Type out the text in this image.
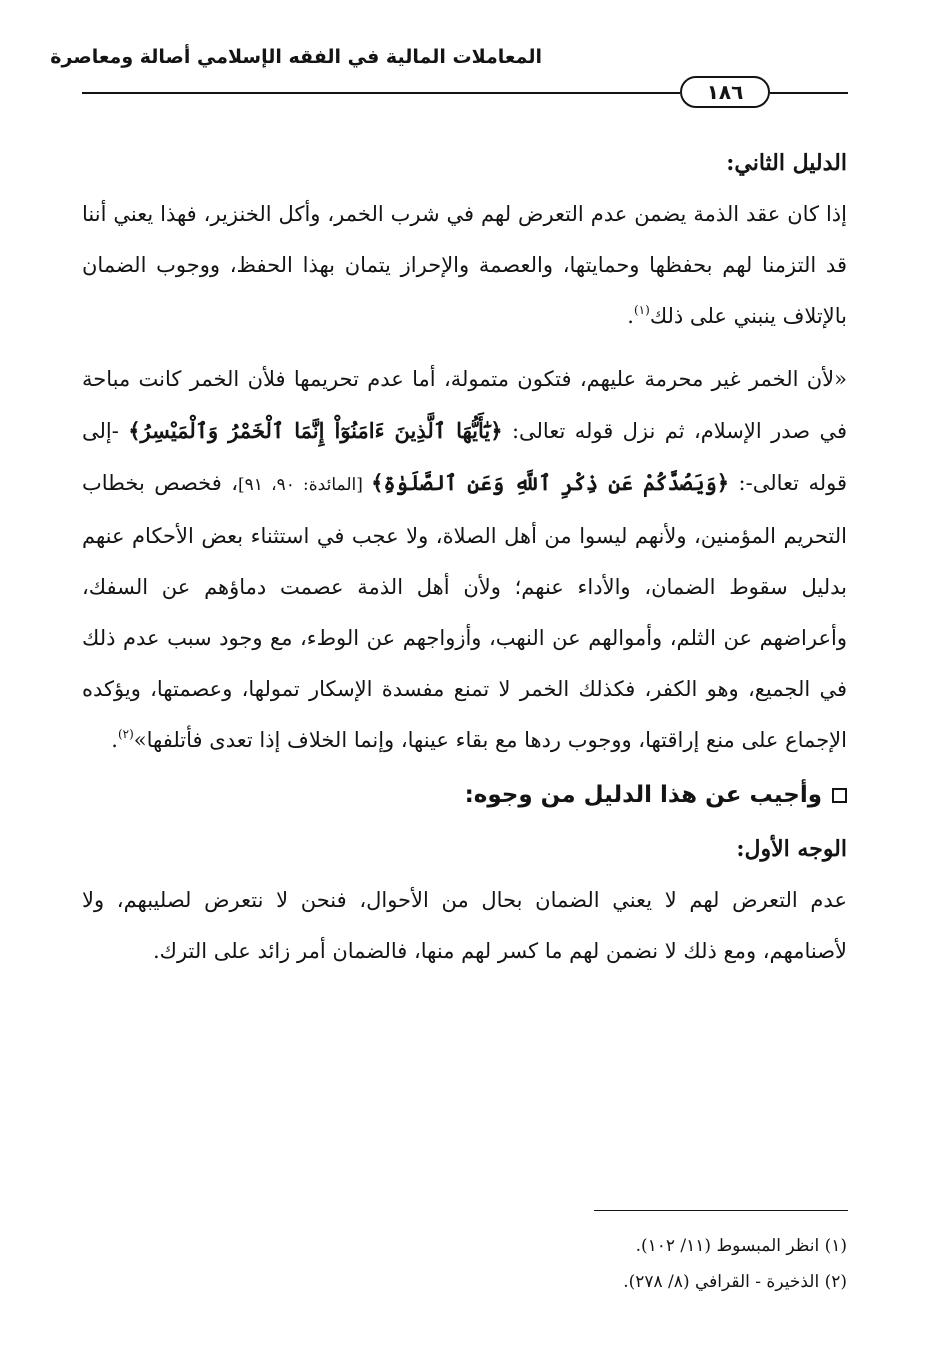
المعاملات المالية في الفقه الإسلامي أصالة ومعاصرة
١٨٦

الدليل الثاني:

إذا كان عقد الذمة يضمن عدم التعرض لهم في شرب الخمر، وأكل الخنزير، فهذا يعني أننا قد التزمنا لهم بحفظها وحمايتها، والعصمة والإحراز يتمان بهذا الحفظ، ووجوب الضمان بالإتلاف ينبني على ذلك$^{(١)}$.

«لأن الخمر غير محرمة عليهم، فتكون متمولة، أما عدم تحريمها فلأن الخمر كانت مباحة في صدر الإسلام، ثم نزل قوله تعالى: ﴿يَٰٓأَيُّهَا ٱلَّذِينَ ءَامَنُوٓاْ إِنَّمَا ٱلْخَمْرُ وَٱلْمَيْسِرُ﴾ -إلى قوله تعالى-: ﴿وَيَصُدَّكُمْ عَن ذِكْرِ ٱللَّهِ وَعَنِ ٱلصَّلَوٰةِ﴾ [المائدة: ٩٠، ٩١]، فخصص بخطاب التحريم المؤمنين، ولأنهم ليسوا من أهل الصلاة، ولا عجب في استثناء بعض الأحكام عنهم بدليل سقوط الضمان، والأداء عنهم؛ ولأن أهل الذمة عصمت دماؤهم عن السفك، وأعراضهم عن الثلم، وأموالهم عن النهب، وأزواجهم عن الوطء، مع وجود سبب عدم ذلك في الجميع، وهو الكفر، فكذلك الخمر لا تمنع مفسدة الإسكار تمولها، وعصمتها، ويؤكده الإجماع على منع إراقتها، ووجوب ردها مع بقاء عينها، وإنما الخلاف إذا تعدى فأتلفها»$^{(٢)}$.

وأجيب عن هذا الدليل من وجوه:

الوجه الأول:

عدم التعرض لهم لا يعني الضمان بحال من الأحوال، فنحن لا نتعرض لصليبهم، ولا لأصنامهم، ومع ذلك لا نضمن لهم ما كسر لهم منها، فالضمان أمر زائد على الترك.

(١) انظر المبسوط (١١/ ١٠٢).

(٢) الذخيرة - القرافي (٨/ ٢٧٨).
